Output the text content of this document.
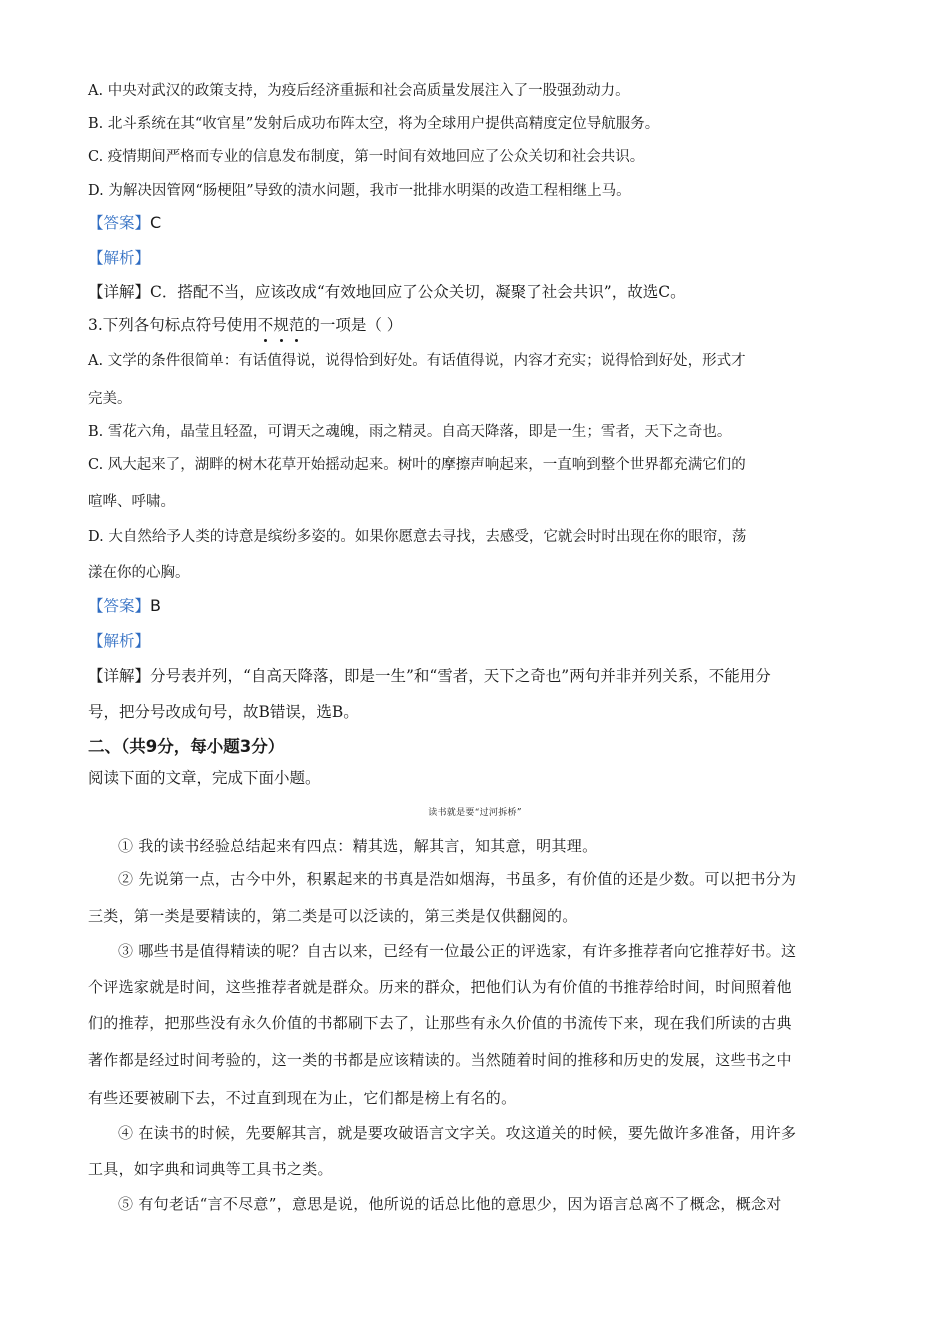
A. 中央对武汉的政策支持，为疫后经济重振和社会高质量发展注入了一股强劲动力。
B. 北斗系统在其“收官星”发射后成功布阵太空，将为全球用户提供高精度定位导航服务。
C. 疫情期间严格而专业的信息发布制度，第一时间有效地回应了公众关切和社会共识。
D. 为解决因管网“肠梗阻”导致的渍水问题，我市一批排水明渠的改造工程相继上马。
【答案】C
【解析】
【详解】C．搭配不当，应该改成“有效地回应了公众关切，凝聚了社会共识”，故选C。
3.下列各句标点符号使用不规范的一项是（ ）
A. 文学的条件很简单：有话值得说，说得恰到好处。有话值得说，内容才充实；说得恰到好处，形式才
完美。
B. 雪花六角，晶莹且轻盈，可谓天之魂魄，雨之精灵。自高天降落，即是一生；雪者，天下之奇也。
C. 风大起来了，湖畔的树木花草开始摇动起来。树叶的摩擦声响起来，一直响到整个世界都充满它们的
喧哗、呼啸。
D. 大自然给予人类的诗意是缤纷多姿的。如果你愿意去寻找，去感受，它就会时时出现在你的眼帘，荡
漾在你的心胸。
【答案】B
【解析】
【详解】分号表并列，“自高天降落，即是一生”和“雪者，天下之奇也”两句并非并列关系，不能用分
号，把分号改成句号，故B错误，选B。
二、（共9分，每小题3分）
阅读下面的文章，完成下面小题。
读书就是要“过河拆桥”
① 我的读书经验总结起来有四点：精其选，解其言，知其意，明其理。
② 先说第一点，古今中外，积累起来的书真是浩如烟海，书虽多，有价值的还是少数。可以把书分为
三类，第一类是要精读的，第二类是可以泛读的，第三类是仅供翻阅的。
③ 哪些书是值得精读的呢？自古以来，已经有一位最公正的评选家，有许多推荐者向它推荐好书。这
个评选家就是时间，这些推荐者就是群众。历来的群众，把他们认为有价值的书推荐给时间，时间照着他
们的推荐，把那些没有永久价值的书都刷下去了，让那些有永久价值的书流传下来，现在我们所读的古典
著作都是经过时间考验的，这一类的书都是应该精读的。当然随着时间的推移和历史的发展，这些书之中
有些还要被刷下去，不过直到现在为止，它们都是榜上有名的。
④ 在读书的时候，先要解其言，就是要攻破语言文字关。攻这道关的时候，要先做许多准备，用许多
工具，如字典和词典等工具书之类。
⑤ 有句老话“言不尽意”，意思是说，他所说的话总比他的意思少，因为语言总离不了概念，概念对
